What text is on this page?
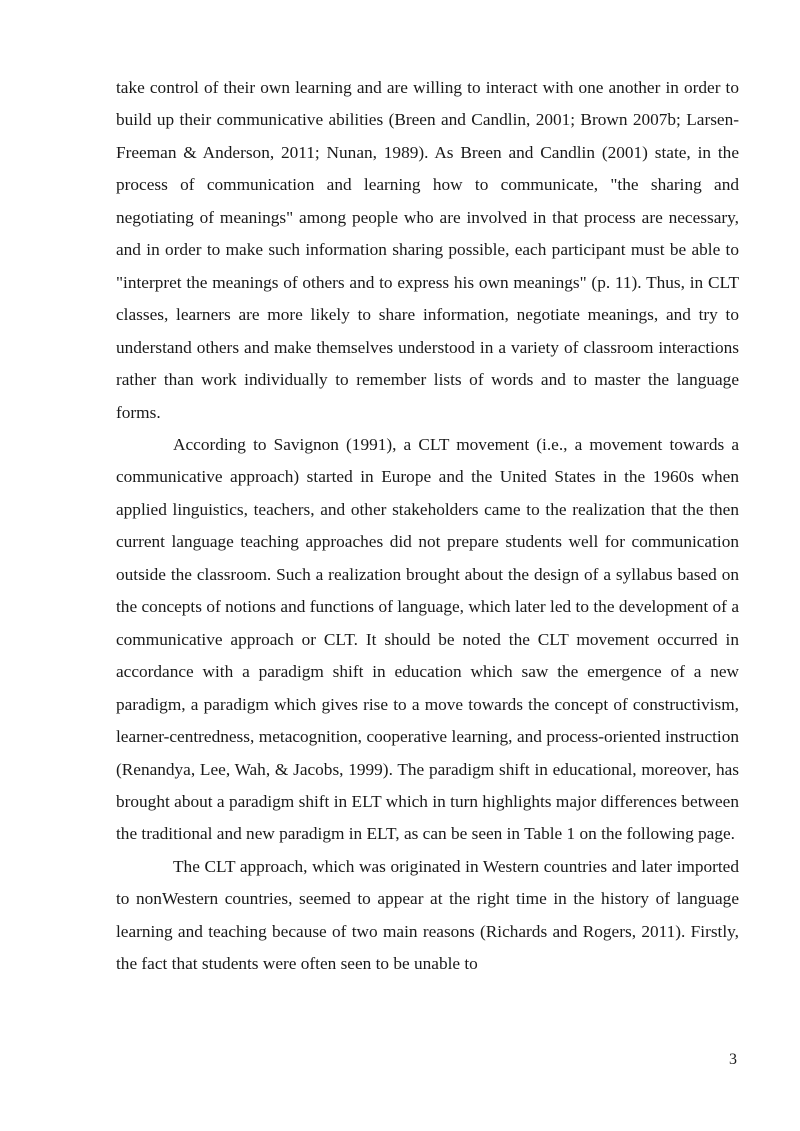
take control of their own learning and are willing to interact with one another in order to build up their communicative abilities (Breen and Candlin, 2001; Brown 2007b; Larsen-Freeman & Anderson, 2011; Nunan, 1989). As Breen and Candlin (2001) state, in the process of communication and learning how to communicate, "the sharing and negotiating of meanings" among people who are involved in that process are necessary, and in order to make such information sharing possible, each participant must be able to "interpret the meanings of others and to express his own meanings" (p. 11). Thus, in CLT classes, learners are more likely to share information, negotiate meanings, and try to understand others and make themselves understood in a variety of classroom interactions rather than work individually to remember lists of words and to master the language forms.

According to Savignon (1991), a CLT movement (i.e., a movement towards a communicative approach) started in Europe and the United States in the 1960s when applied linguistics, teachers, and other stakeholders came to the realization that the then current language teaching approaches did not prepare students well for communication outside the classroom. Such a realization brought about the design of a syllabus based on the concepts of notions and functions of language, which later led to the development of a communicative approach or CLT. It should be noted the CLT movement occurred in accordance with a paradigm shift in education which saw the emergence of a new paradigm, a paradigm which gives rise to a move towards the concept of constructivism, learner-centredness, metacognition, cooperative learning, and process-oriented instruction (Renandya, Lee, Wah, & Jacobs, 1999). The paradigm shift in educational, moreover, has brought about a paradigm shift in ELT which in turn highlights major differences between the traditional and new paradigm in ELT, as can be seen in Table 1 on the following page.

The CLT approach, which was originated in Western countries and later imported to nonWestern countries, seemed to appear at the right time in the history of language learning and teaching because of two main reasons (Richards and Rogers, 2011). Firstly, the fact that students were often seen to be unable to

3
